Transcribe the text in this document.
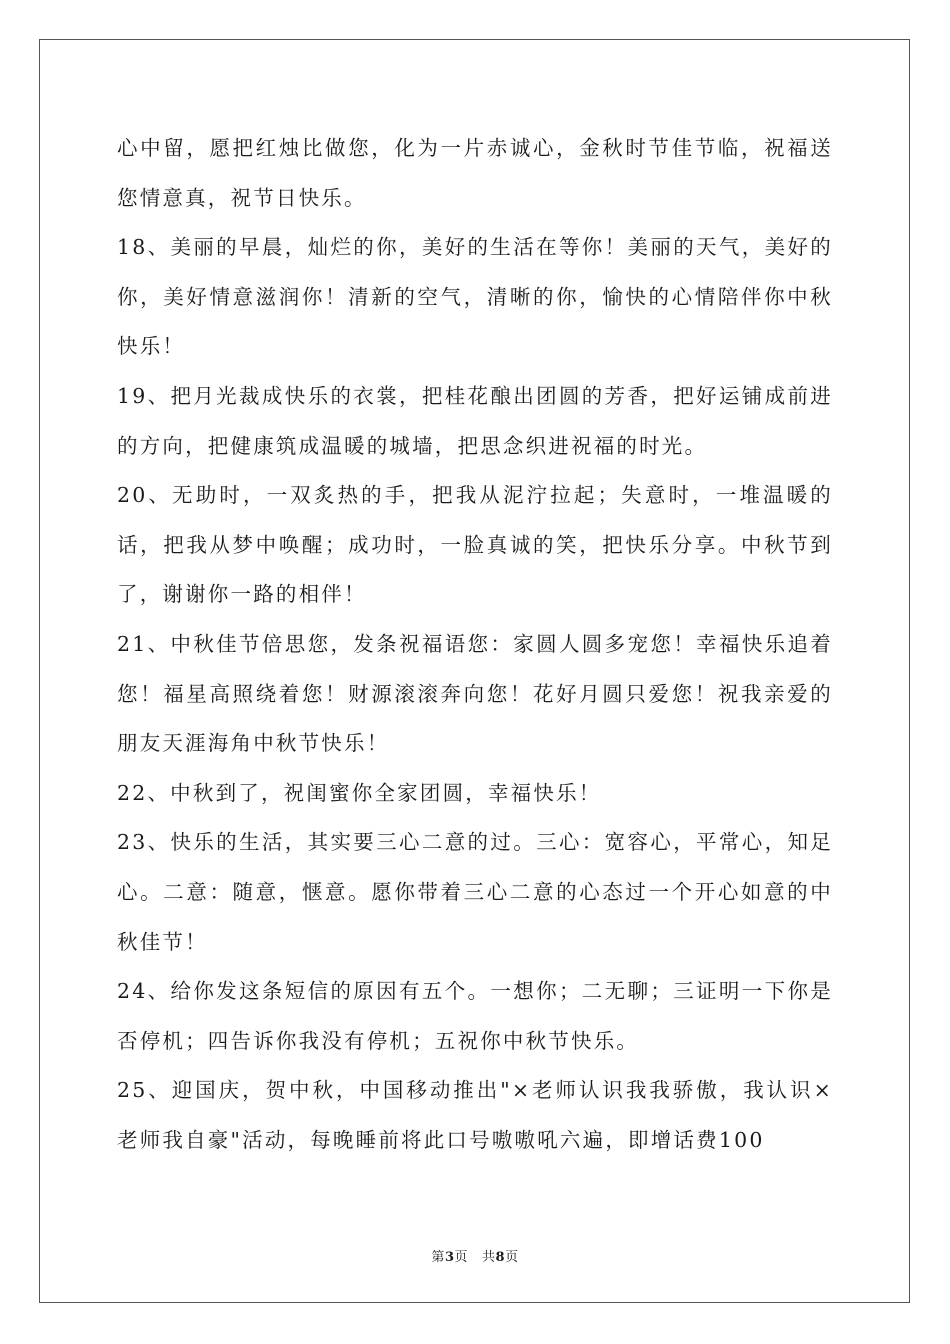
心中留，愿把红烛比做您，化为一片赤诚心，金秋时节佳节临，祝福送您情意真，祝节日快乐。

18、美丽的早晨，灿烂的你，美好的生活在等你！美丽的天气，美好的你，美好情意滋润你！清新的空气，清晰的你，愉快的心情陪伴你中秋快乐！

19、把月光裁成快乐的衣裳，把桂花酿出团圆的芳香，把好运铺成前进的方向，把健康筑成温暖的城墙，把思念织进祝福的时光。

20、无助时，一双炙热的手，把我从泥泞拉起；失意时，一堆温暖的话，把我从梦中唤醒；成功时，一脸真诚的笑，把快乐分享。中秋节到了，谢谢你一路的相伴！

21、中秋佳节倍思您，发条祝福语您：家圆人圆多宠您！幸福快乐追着您！福星高照绕着您！财源滚滚奔向您！花好月圆只爱您！祝我亲爱的朋友天涯海角中秋节快乐！

22、中秋到了，祝闺蜜你全家团圆，幸福快乐！

23、快乐的生活，其实要三心二意的过。三心：宽容心，平常心，知足心。二意：随意，惬意。愿你带着三心二意的心态过一个开心如意的中秋佳节！

24、给你发这条短信的原因有五个。一想你；二无聊；三证明一下你是否停机；四告诉你我没有停机；五祝你中秋节快乐。

25、迎国庆，贺中秋，中国移动推出"×老师认识我我骄傲，我认识×老师我自豪"活动，每晚睡前将此口号嗷嗷吼六遍，即增话费100

第3页 共8页
